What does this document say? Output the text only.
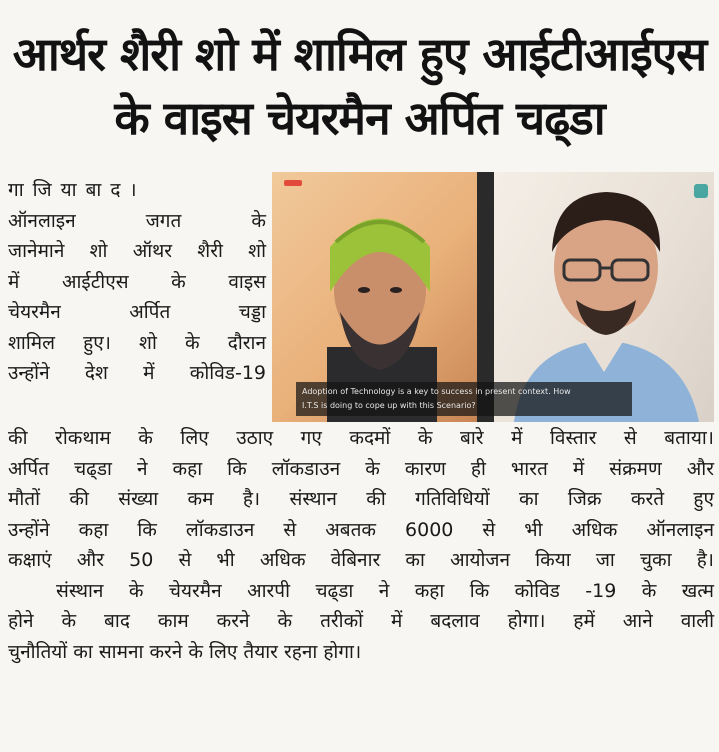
आर्थर शैरी शो में शामिल हुए आईटीआईएस
के वाइस चेयरमैन अर्पित चढ्डा
गाजियाबाद।
ऑनलाइन जगत के
जानेमाने शो ऑथर शैरी शो
में आईटीएस के वाइस
चेयरमैन अर्पित चड्डा
शामिल हुए। शो के दौरान
उन्होंने देश में कोविड-19
Adoption of Technology is a key to success in present context. How
I.T.S is doing to cope up with this Scenario?
की रोकथाम के लिए उठाए गए कदमों के बारे में विस्तार से बताया।
अर्पित चढ्डा ने कहा कि लॉकडाउन के कारण ही भारत में संक्रमण और
मौतों की संख्या कम है। संस्थान की गतिविधियों का जिक्र करते हुए
उन्होंने कहा कि लॉकडाउन से अबतक 6000 से भी अधिक ऑनलाइन
कक्षाएं और 50 से भी अधिक वेबिनार का आयोजन किया जा चुका है।
संस्थान के चेयरमैन आरपी चढ्डा ने कहा कि कोविड -19 के खत्म
होने के बाद काम करने के तरीकों में बदलाव होगा। हमें आने वाली
चुनौतियों का सामना करने के लिए तैयार रहना होगा।
